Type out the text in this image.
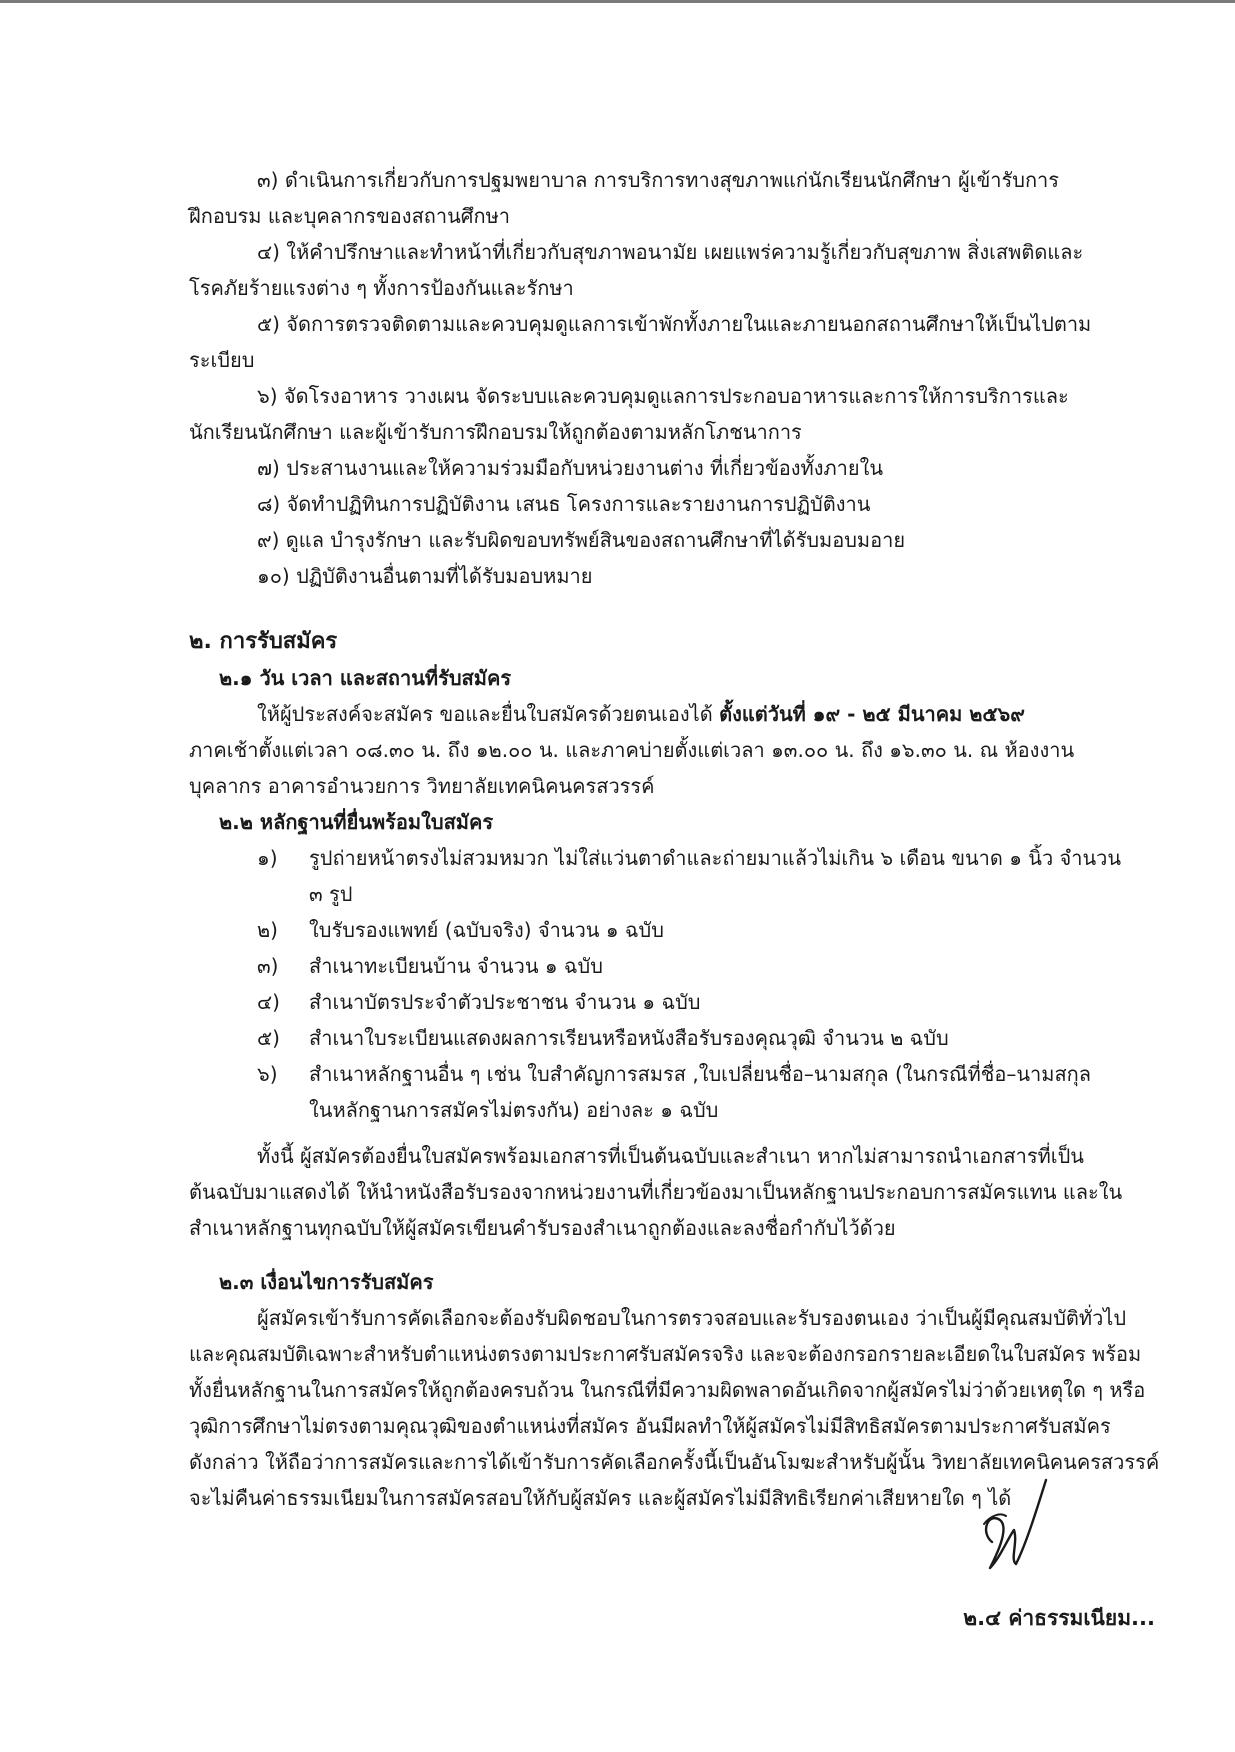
๓) ดำเนินการเกี่ยวกับการปฐมพยาบาล การบริการทางสุขภาพแก่นักเรียนนักศึกษา ผู้เข้ารับการ

ฝึกอบรม และบุคลากรของสถานศึกษา

๔) ให้คำปรึกษาและทำหน้าที่เกี่ยวกับสุขภาพอนามัย เผยแพร่ความรู้เกี่ยวกับสุขภาพ สิ่งเสพติดและ

โรคภัยร้ายแรงต่าง ๆ ทั้งการป้องกันและรักษา

๕) จัดการตรวจติดตามและควบคุมดูแลการเข้าพักทั้งภายในและภายนอกสถานศึกษาให้เป็นไปตาม

ระเบียบ

๖) จัดโรงอาหาร วางเผน จัดระบบและควบคุมดูแลการประกอบอาหารและการให้การบริการและ

นักเรียนนักศึกษา และผู้เข้ารับการฝึกอบรมให้ถูกต้องตามหลักโภชนาการ

๗) ประสานงานและให้ความร่วมมือกับหน่วยงานต่าง ที่เกี่ยวข้องทั้งภายใน

๘) จัดทำปฏิทินการปฏิบัติงาน เสนธ โครงการและรายงานการปฏิบัติงาน

๙) ดูแล บำรุงรักษา และรับผิดขอบทรัพย์สินของสถานศึกษาที่ได้รับมอบมอาย

๑๐) ปฏิบัติงานอื่นตามที่ได้รับมอบหมาย

๒. การรับสมัคร
๒.๑ วัน เวลา และสถานที่รับสมัคร

ให้ผู้ประสงค์จะสมัคร ขอและยื่นใบสมัครด้วยตนเองได้ ตั้งแต่วันที่ ๑๙ - ๒๕ มีนาคม ๒๕๖๙

ภาคเช้าตั้งแต่เวลา ๐๘.๓๐ น. ถึง ๑๒.๐๐ น. และภาคบ่ายตั้งแต่เวลา ๑๓.๐๐ น. ถึง ๑๖.๓๐ น. ณ ห้องงาน

บุคลากร อาคารอำนวยการ วิทยาลัยเทคนิคนครสวรรค์

๒.๒ หลักฐานที่ยื่นพร้อมใบสมัคร
๑)	รูปถ่ายหน้าตรงไม่สวมหมวก ไม่ใส่แว่นตาดำและถ่ายมาแล้วไม่เกิน ๖ เดือน ขนาด ๑ นิ้ว จำนวน
๓ รูป
๒)	ใบรับรองแพทย์ (ฉบับจริง) จำนวน ๑ ฉบับ
๓)	สำเนาทะเบียนบ้าน จำนวน ๑ ฉบับ
๔)	สำเนาบัตรประจำตัวประชาชน จำนวน ๑ ฉบับ
๕)	สำเนาใบระเบียนแสดงผลการเรียนหรือหนังสือรับรองคุณวุฒิ จำนวน ๒ ฉบับ
๖)	สำเนาหลักฐานอื่น ๆ เช่น ใบสำคัญการสมรส ,ใบเปลี่ยนชื่อ–นามสกุล (ในกรณีที่ชื่อ–นามสกุล
ในหลักฐานการสมัครไม่ตรงกัน) อย่างละ ๑ ฉบับ

ทั้งนี้ ผู้สมัครต้องยื่นใบสมัครพร้อมเอกสารที่เป็นต้นฉบับและสำเนา หากไม่สามารถนำเอกสารที่เป็น

ต้นฉบับมาแสดงได้ ให้นำหนังสือรับรองจากหน่วยงานที่เกี่ยวข้องมาเป็นหลักฐานประกอบการสมัครแทน และใน

สำเนาหลักฐานทุกฉบับให้ผู้สมัครเขียนคำรับรองสำเนาถูกต้องและลงชื่อกำกับไว้ด้วย

๒.๓ เงื่อนไขการรับสมัคร

ผู้สมัครเข้ารับการคัดเลือกจะต้องรับผิดชอบในการตรวจสอบและรับรองตนเอง ว่าเป็นผู้มีคุณสมบัติทั่วไป

และคุณสมบัติเฉพาะสำหรับตำแหน่งตรงตามประกาศรับสมัครจริง และจะต้องกรอกรายละเอียดในใบสมัคร พร้อม

ทั้งยื่นหลักฐานในการสมัครให้ถูกต้องครบถ้วน ในกรณีที่มีความผิดพลาดอันเกิดจากผู้สมัครไม่ว่าด้วยเหตุใด ๆ หรือ

วุฒิการศึกษาไม่ตรงตามคุณวุฒิของตำแหน่งที่สมัคร อันมีผลทำให้ผู้สมัครไม่มีสิทธิสมัครตามประกาศรับสมัคร

ดังกล่าว ให้ถือว่าการสมัครและการได้เข้ารับการคัดเลือกครั้งนี้เป็นอันโมฆะสำหรับผู้นั้น วิทยาลัยเทคนิคนครสวรรค์

จะไม่คืนค่าธรรมเนียมในการสมัครสอบให้กับผู้สมัคร และผู้สมัครไม่มีสิทธิเรียกค่าเสียหายใด ๆ ได้

๒.๔ ค่าธรรมเนียม...
